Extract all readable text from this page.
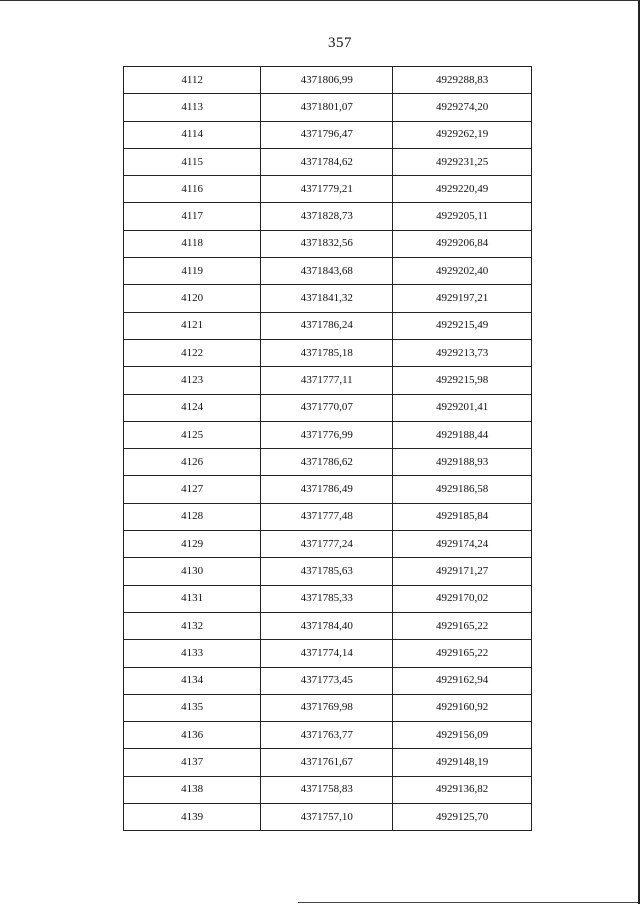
357
4112	4371806,99	4929288,83
4113	4371801,07	4929274,20
4114	4371796,47	4929262,19
4115	4371784,62	4929231,25
4116	4371779,21	4929220,49
4117	4371828,73	4929205,11
4118	4371832,56	4929206,84
4119	4371843,68	4929202,40
4120	4371841,32	4929197,21
4121	4371786,24	4929215,49
4122	4371785,18	4929213,73
4123	4371777,11	4929215,98
4124	4371770,07	4929201,41
4125	4371776,99	4929188,44
4126	4371786,62	4929188,93
4127	4371786,49	4929186,58
4128	4371777,48	4929185,84
4129	4371777,24	4929174,24
4130	4371785,63	4929171,27
4131	4371785,33	4929170,02
4132	4371784,40	4929165,22
4133	4371774,14	4929165,22
4134	4371773,45	4929162,94
4135	4371769,98	4929160,92
4136	4371763,77	4929156,09
4137	4371761,67	4929148,19
4138	4371758,83	4929136,82
4139	4371757,10	4929125,70
